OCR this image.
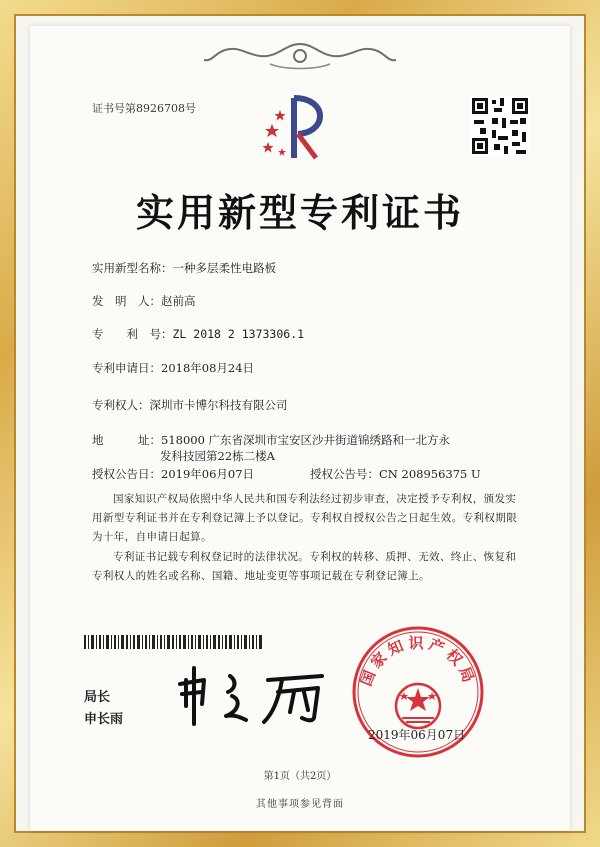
证书号第8926708号
实用新型专利证书
实用新型名称：一种多层柔性电路板
发　明　人：赵前高
专　　利　号：ZL 2018 2 1373306.1
专利申请日：2018年08月24日
专利权人：深圳市卡博尔科技有限公司
地　　　址：518000 广东省深圳市宝安区沙井街道锦绣路和一北方永
发科技园第22栋二楼A
授权公告日：2019年06月07日	授权公告号：CN 208956375 U
国家知识产权局依照中华人民共和国专利法经过初步审查，决定授予专利权，颁发实用新型专利证书并在专利登记簿上予以登记。专利权自授权公告之日起生效。专利权期限为十年，自申请日起算。
专利证书记载专利权登记时的法律状况。专利权的转移、质押、无效、终止、恢复和专利权人的姓名或名称、国籍、地址变更等事项记载在专利登记簿上。
局长
申长雨
国家知识产权局
2019年06月07日
第1页（共2页）
其他事项参见背面
